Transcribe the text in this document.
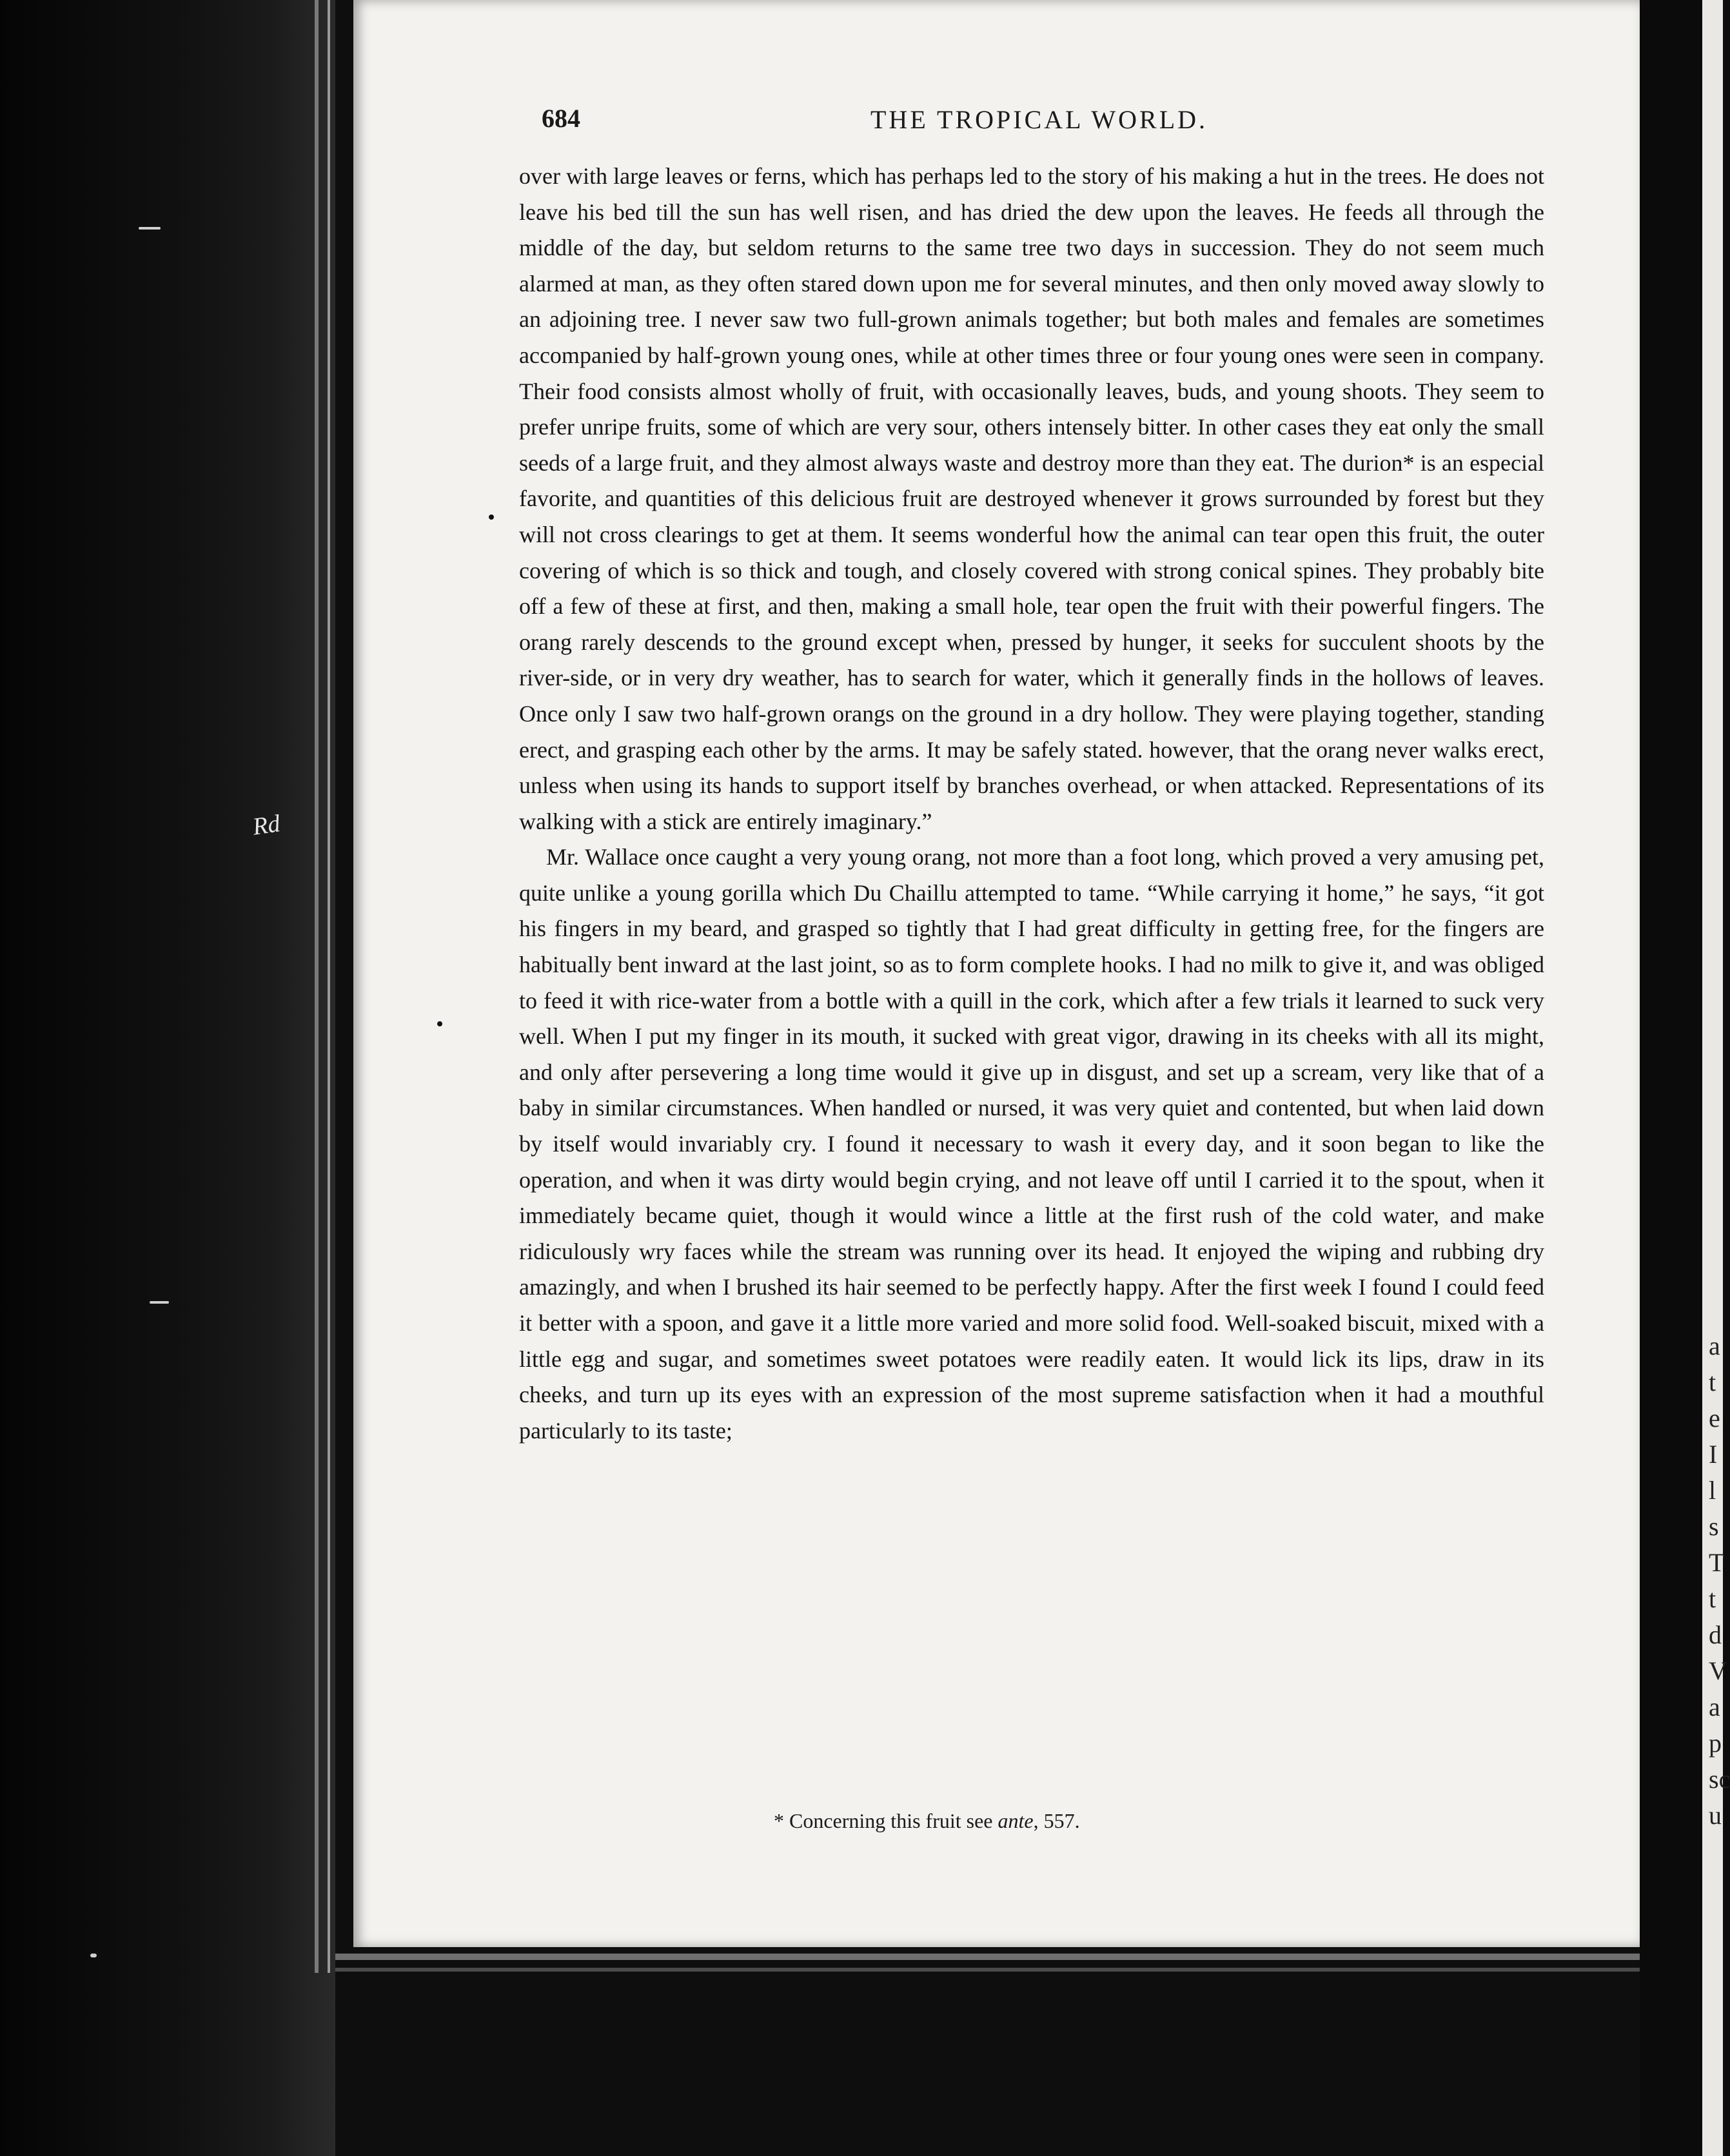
Rd
a
t
e
I
l
s
T
t
d
V
a
p
sc
u
684	THE TROPICAL WORLD.

over with large leaves or ferns, which has perhaps led to the story of his making a hut in the trees. He does not leave his bed till the sun has well risen, and has dried the dew upon the leaves. He feeds all through the middle of the day, but seldom returns to the same tree two days in succession. They do not seem much alarmed at man, as they often stared down upon me for several minutes, and then only moved away slowly to an adjoining tree. I never saw two full-grown animals together; but both males and females are sometimes accompanied by half-grown young ones, while at other times three or four young ones were seen in company. Their food consists almost wholly of fruit, with occasionally leaves, buds, and young shoots. They seem to prefer unripe fruits, some of which are very sour, others intensely bitter. In other cases they eat only the small seeds of a large fruit, and they almost always waste and destroy more than they eat. The durion* is an especial favorite, and quantities of this delicious fruit are destroyed whenever it grows surrounded by forest but they will not cross clearings to get at them. It seems wonderful how the animal can tear open this fruit, the outer covering of which is so thick and tough, and closely covered with strong conical spines. They probably bite off a few of these at first, and then, making a small hole, tear open the fruit with their powerful fingers. The orang rarely descends to the ground except when, pressed by hunger, it seeks for succulent shoots by the river-side, or in very dry weather, has to search for water, which it generally finds in the hollows of leaves. Once only I saw two half-grown orangs on the ground in a dry hollow. They were playing together, standing erect, and grasping each other by the arms. It may be safely stated. however, that the orang never walks erect, unless when using its hands to support itself by branches overhead, or when attacked. Representations of its walking with a stick are entirely imaginary.”

Mr. Wallace once caught a very young orang, not more than a foot long, which proved a very amusing pet, quite unlike a young gorilla which Du Chaillu attempted to tame. “While carrying it home,” he says, “it got his fingers in my beard, and grasped so tightly that I had great difficulty in getting free, for the fingers are habitually bent inward at the last joint, so as to form complete hooks. I had no milk to give it, and was obliged to feed it with rice-water from a bottle with a quill in the cork, which after a few trials it learned to suck very well. When I put my finger in its mouth, it sucked with great vigor, drawing in its cheeks with all its might, and only after persevering a long time would it give up in disgust, and set up a scream, very like that of a baby in similar circumstances. When handled or nursed, it was very quiet and contented, but when laid down by itself would invariably cry. I found it necessary to wash it every day, and it soon began to like the operation, and when it was dirty would begin crying, and not leave off until I carried it to the spout, when it immediately became quiet, though it would wince a little at the first rush of the cold water, and make ridiculously wry faces while the stream was running over its head. It enjoyed the wiping and rubbing dry amazingly, and when I brushed its hair seemed to be perfectly happy. After the first week I found I could feed it better with a spoon, and gave it a little more varied and more solid food. Well-soaked biscuit, mixed with a little egg and sugar, and sometimes sweet potatoes were readily eaten. It would lick its lips, draw in its cheeks, and turn up its eyes with an expression of the most supreme satisfaction when it had a mouthful particularly to its taste;

* Concerning this fruit see ante, 557.
